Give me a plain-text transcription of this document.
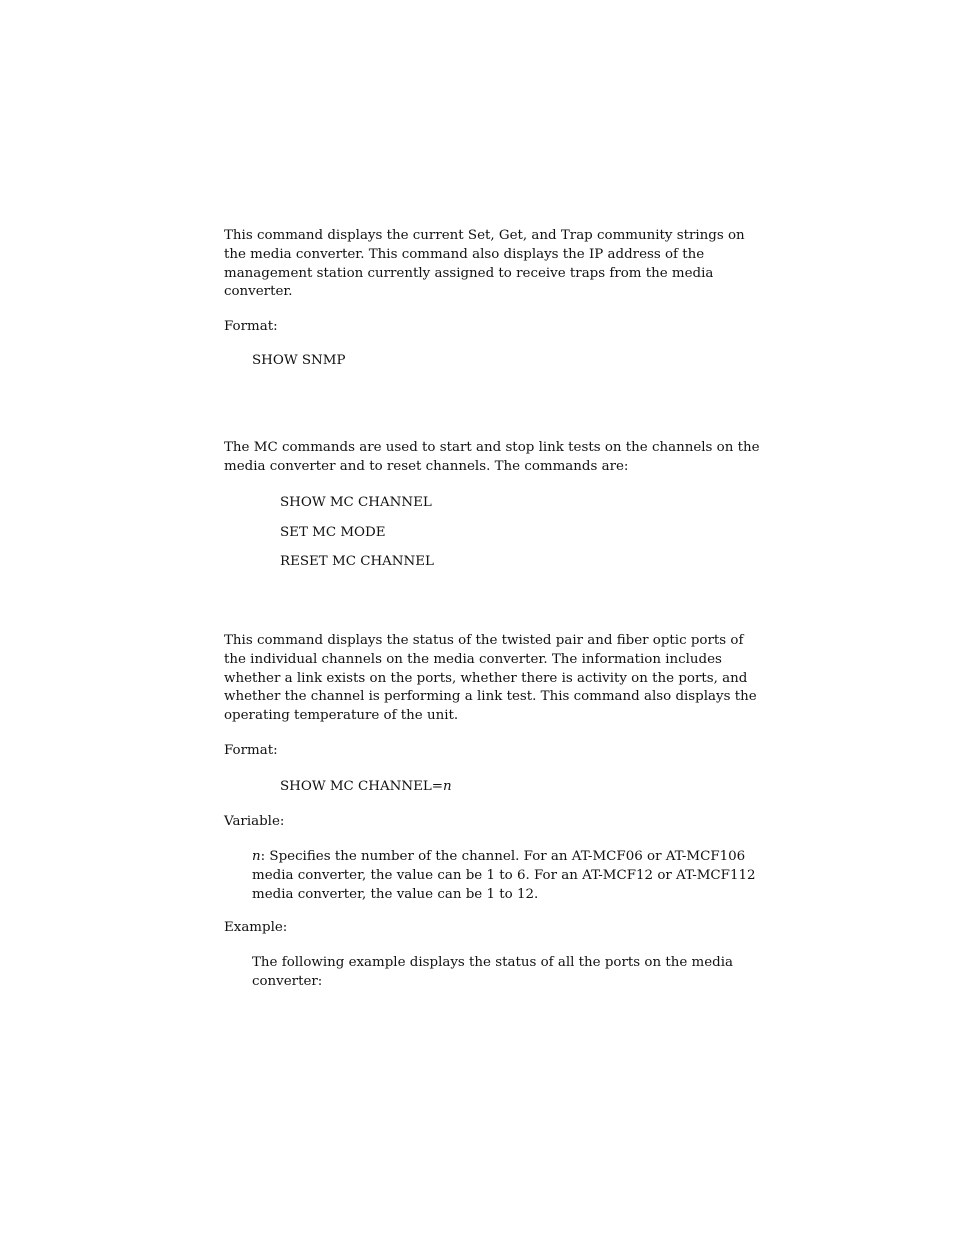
This command displays the current Set, Get, and Trap community strings on
the media converter. This command also displays the IP address of the
management station currently assigned to receive traps from the media
converter.

Format:

SHOW SNMP

The MC commands are used to start and stop link tests on the channels on the
media converter and to reset channels. The commands are:

SHOW MC CHANNEL

SET MC MODE

RESET MC CHANNEL

This command displays the status of the twisted pair and fiber optic ports of
the individual channels on the media converter. The information includes
whether a link exists on the ports, whether there is activity on the ports, and
whether the channel is performing a link test. This command also displays the
operating temperature of the unit.

Format:

SHOW MC CHANNEL=n

Variable:

n: Specifies the number of the channel. For an AT-MCF06 or AT-MCF106
media converter, the value can be 1 to 6. For an AT-MCF12 or AT-MCF112
media converter, the value can be 1 to 12.

Example:

The following example displays the status of all the ports on the media
converter:
